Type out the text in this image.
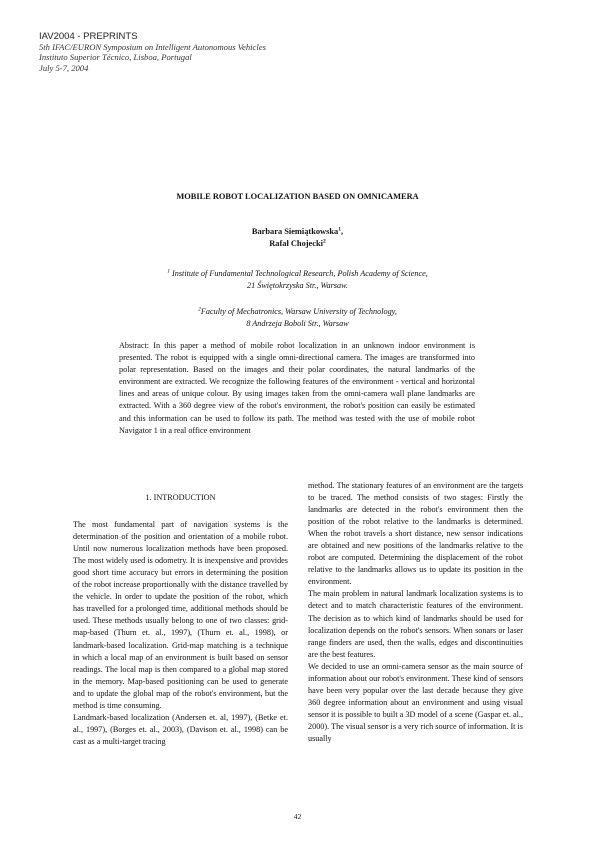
IAV2004 - PREPRINTS
5th IFAC/EURON Symposium on Intelligent Autonomous Vehicles
Instituto Superior Técnico, Lisboa, Portugal
July 5-7, 2004
MOBILE ROBOT LOCALIZATION BASED ON OMNICAMERA
Barbara Siemiątkowska$^1$,
Rafał Chojecki$^2$
$^1$ Institute of Fundamental Technological Research, Polish Academy of Science,
21 Świętokrzyska Str., Warsaw.
$^2$Faculty of Mechatronics, Warsaw University of Technology,
8 Andrzeja Boboli Str., Warsaw
Abstract: In this paper a method of mobile robot localization in an unknown indoor environment is presented. The robot is equipped with a single omni-directional camera. The images are transformed into polar representation. Based on the images and their polar coordinates, the natural landmarks of the environment are extracted. We recognize the following features of the environment - vertical and horizontal lines and areas of unique colour. By using images taken from the omni-camera wall plane landmarks are extracted. With a 360 degree view of the robot's environment, the robot's position can easily be estimated and this information can be used to follow its path. The method was tested with the use of mobile robot Navigator 1 in a real office environment
1. INTRODUCTION

The most fundamental part of navigation systems is the determination of the position and orientation of a mobile robot. Until now numerous localization methods have been proposed. The most widely used is odometry. It is inexpensive and provides good short time accuracy but errors in determining the position of the robot increase proportionally with the distance travelled by the vehicle. In order to update the position of the robot, which has travelled for a prolonged time, additional methods should be used. These methods usually belong to one of two classes: grid-map-based (Thurn et. al., 1997), (Thurn et. al., 1998), or landmark-based localization. Grid-map matching is a technique in which a local map of an environment is built based on sensor readings. The local map is then compared to a global map stored in the memory. Map-based positioning can be used to generate and to update the global map of the robot's environment, but the method is time consuming.

Landmark-based localization (Andersen et. al, 1997), (Betke et. al., 1997), (Borges et. al., 2003), (Davison et. al., 1998) can be cast as a multi-target tracing

method. The stationary features of an environment are the targets to be traced. The method consists of two stages: Firstly the landmarks are detected in the robot's environment then the position of the robot relative to the landmarks is determined. When the robot travels a short distance, new sensor indications are obtained and new positions of the landmarks relative to the robot are computed. Determining the displacement of the robot relative to the landmarks allows us to update its position in the environment.

The main problem in natural landmark localization systems is to detect and to match characteristic features of the environment. The decision as to which kind of landmarks should be used for localization depends on the robot's sensors. When sonars or laser range finders are used, then the walls, edges and discontinuities are the best features.

We decided to use an omni-camera sensor as the main source of information about our robot's environment. These kind of sensors have been very popular over the last decade because they give 360 degree information about an environment and using visual sensor it is possible to built a 3D model of a scene (Gaspar et. al., 2000). The visual sensor is a very rich source of information. It is usually

42
